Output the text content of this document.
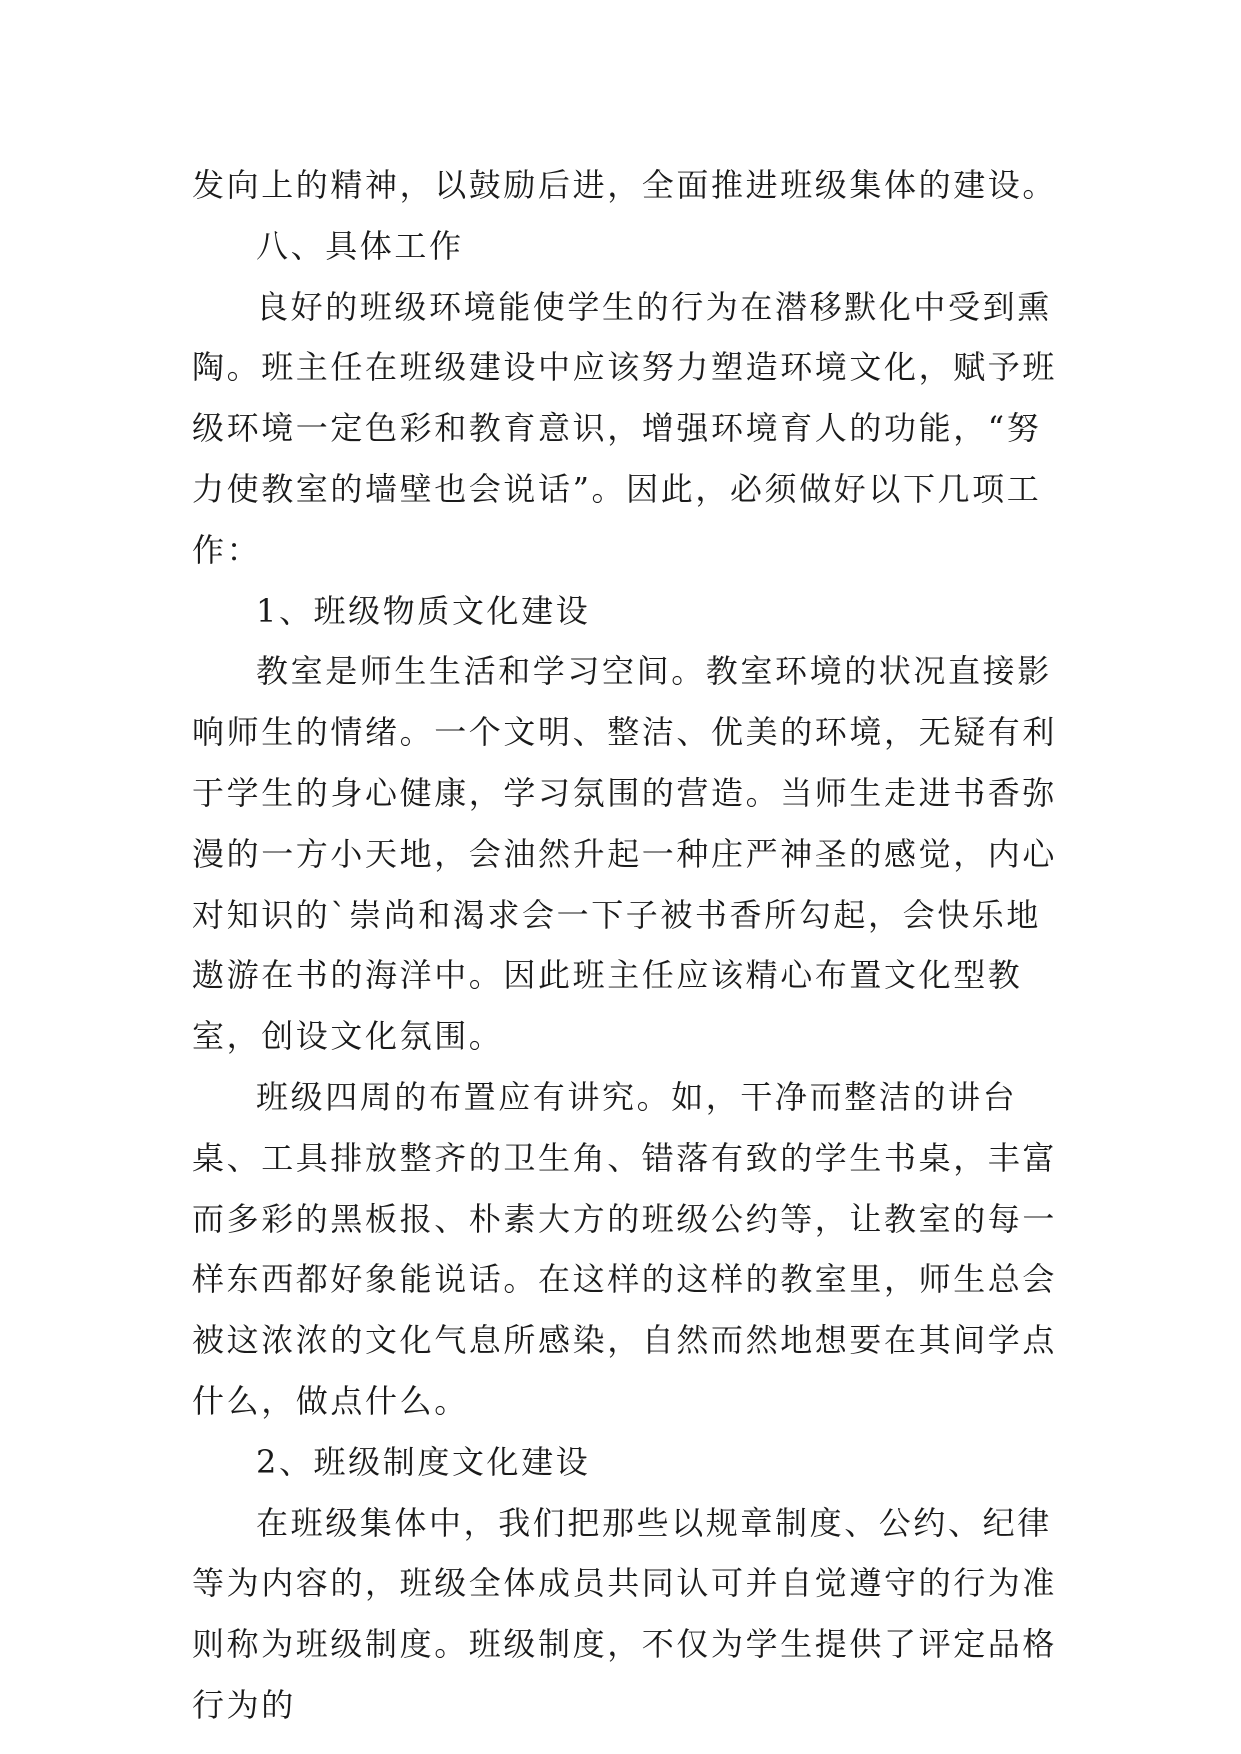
发向上的精神，以鼓励后进，全面推进班级集体的建设。

八、具体工作

良好的班级环境能使学生的行为在潜移默化中受到熏陶。班主任在班级建设中应该努力塑造环境文化，赋予班级环境一定色彩和教育意识，增强环境育人的功能，“努力使教室的墙壁也会说话”。因此，必须做好以下几项工作：

1、班级物质文化建设

教室是师生生活和学习空间。教室环境的状况直接影响师生的情绪。一个文明、整洁、优美的环境，无疑有利于学生的身心健康，学习氛围的营造。当师生走进书香弥漫的一方小天地，会油然升起一种庄严神圣的感觉，内心对知识的`崇尚和渴求会一下子被书香所勾起，会快乐地遨游在书的海洋中。因此班主任应该精心布置文化型教室，创设文化氛围。

班级四周的布置应有讲究。如，干净而整洁的讲台桌、工具排放整齐的卫生角、错落有致的学生书桌，丰富而多彩的黑板报、朴素大方的班级公约等，让教室的每一样东西都好象能说话。在这样的这样的教室里，师生总会被这浓浓的文化气息所感染，自然而然地想要在其间学点什么，做点什么。

2、班级制度文化建设

在班级集体中，我们把那些以规章制度、公约、纪律等为内容的，班级全体成员共同认可并自觉遵守的行为准则称为班级制度。班级制度，不仅为学生提供了评定品格行为的
